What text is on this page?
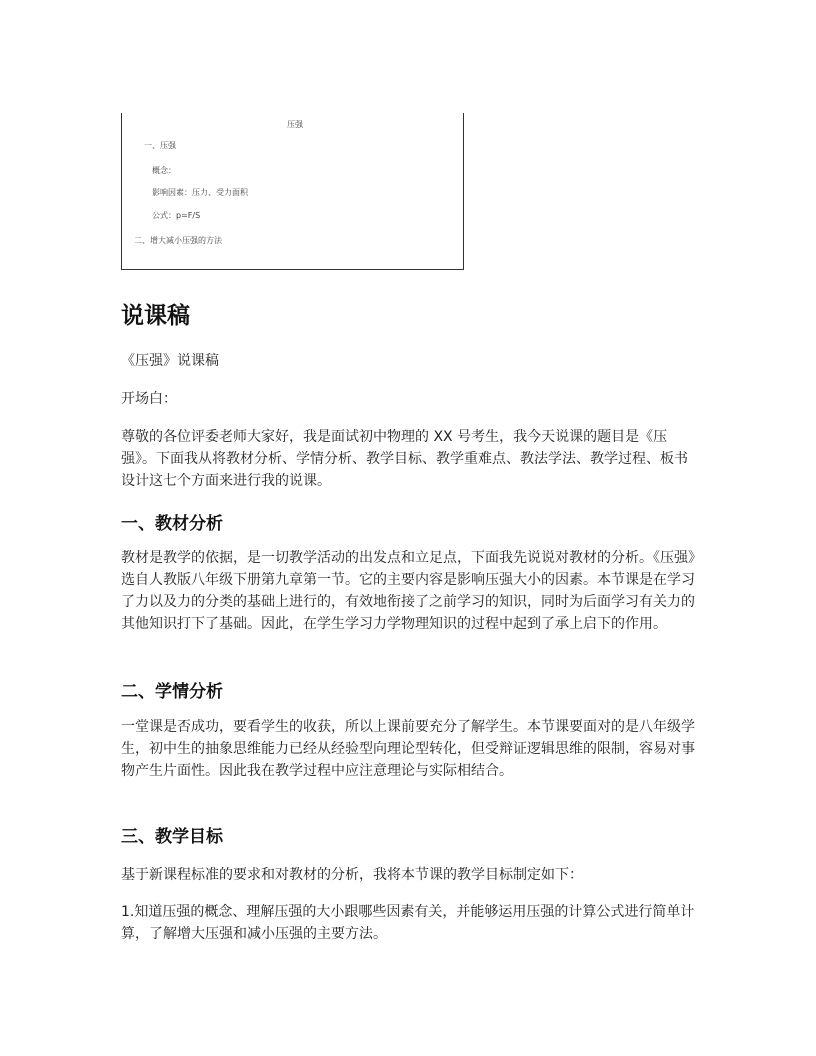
压强
一、压强
概念：
影响因素：压力、受力面积
公式：p=F/S
二、增大减小压强的方法
说课稿

《压强》说课稿

开场白：

尊敬的各位评委老师大家好，我是面试初中物理的 XX 号考生，我今天说课的题目是《压强》。下面我从将教材分析、学情分析、教学目标、教学重难点、教法学法、教学过程、板书设计这七个方面来进行我的说课。

一、教材分析

教材是教学的依据，是一切教学活动的出发点和立足点，下面我先说说对教材的分析。《压强》选自人教版八年级下册第九章第一节。它的主要内容是影响压强大小的因素。本节课是在学习了力以及力的分类的基础上进行的，有效地衔接了之前学习的知识，同时为后面学习有关力的其他知识打下了基础。因此，在学生学习力学物理知识的过程中起到了承上启下的作用。

二、学情分析

一堂课是否成功，要看学生的收获，所以上课前要充分了解学生。本节课要面对的是八年级学生，初中生的抽象思维能力已经从经验型向理论型转化，但受辩证逻辑思维的限制，容易对事物产生片面性。因此我在教学过程中应注意理论与实际相结合。

三、教学目标

基于新课程标准的要求和对教材的分析，我将本节课的教学目标制定如下：

1.知道压强的概念、理解压强的大小跟哪些因素有关，并能够运用压强的计算公式进行简单计算，了解增大压强和减小压强的主要方法。
